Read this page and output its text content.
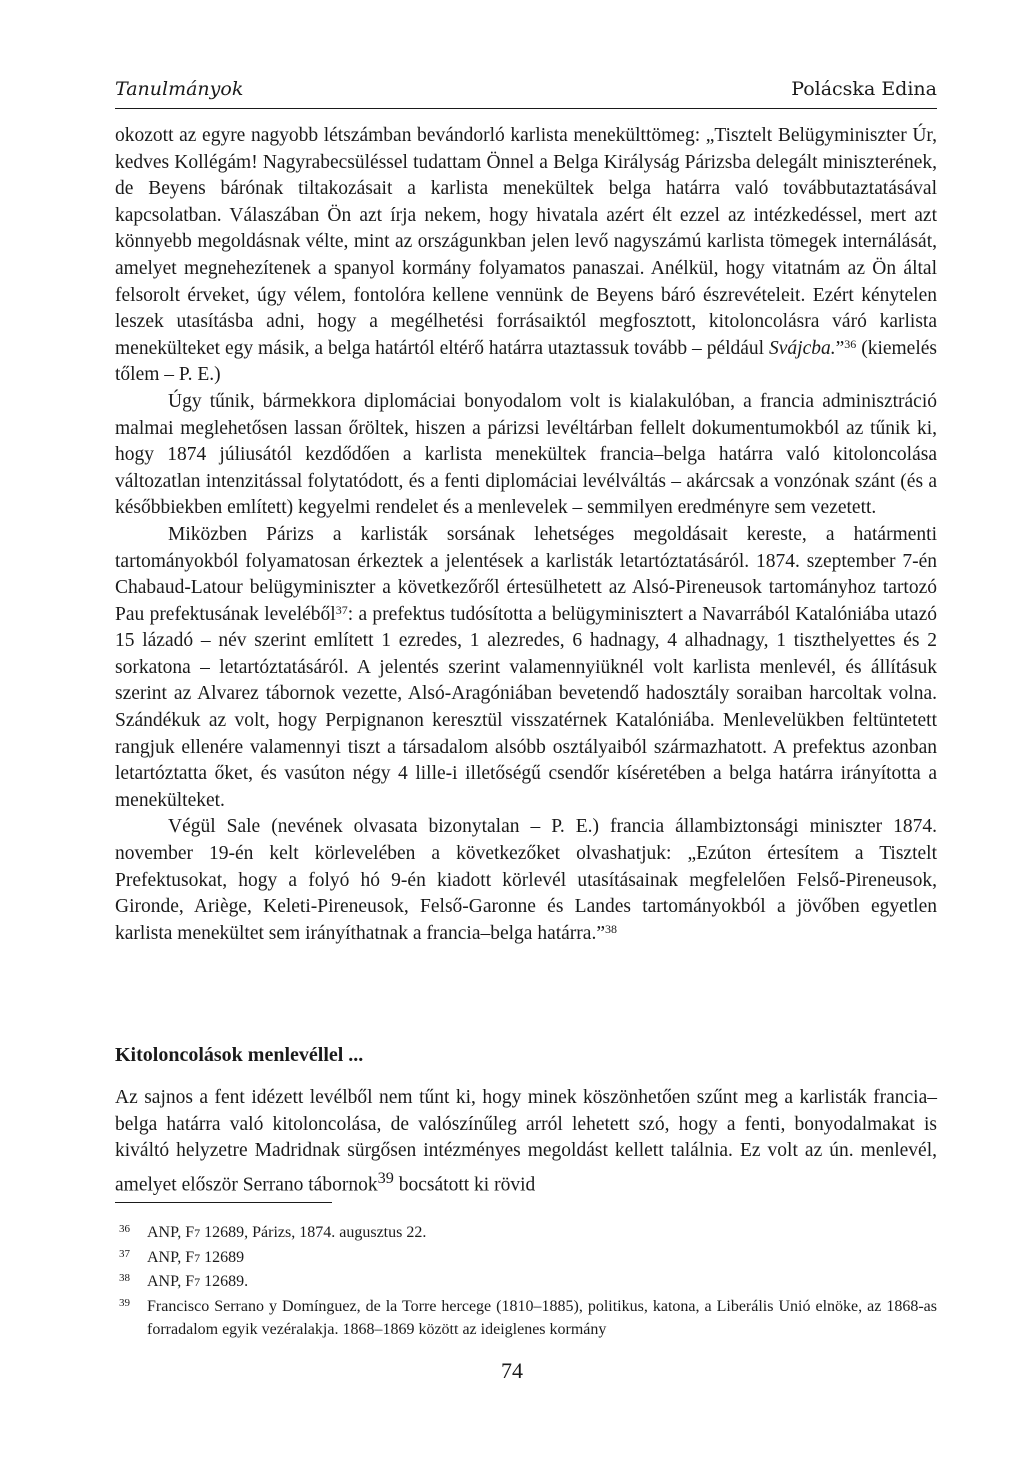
Tanulmányok	Polácska Edina

okozott az egyre nagyobb létszámban bevándorló karlista menekülttömeg: „Tisztelt Belügyminiszter Úr, kedves Kollégám! Nagyrabecsüléssel tudattam Önnel a Belga Királyság Párizsba delegált miniszterének, de Beyens bárónak tiltakozásait a karlista menekültek belga határra való továbbutaztatásával kapcsolatban. Válaszában Ön azt írja nekem, hogy hivatala azért élt ezzel az intézkedéssel, mert azt könnyebb megoldásnak vélte, mint az országunkban jelen levő nagyszámú karlista tömegek internálását, amelyet megnehezítenek a spanyol kormány folyamatos panaszai. Anélkül, hogy vitatnám az Ön által felsorolt érveket, úgy vélem, fontolóra kellene vennünk de Beyens báró észrevételeit. Ezért kénytelen leszek utasításba adni, hogy a megélhetési forrásaiktól megfosztott, kitoloncolásra váró karlista menekülteket egy másik, a belga határtól eltérő határra utaztassuk tovább – például Svájcba.”$^{36}$ (kiemelés tőlem – P. E.)

Úgy tűnik, bármekkora diplomáciai bonyodalom volt is kialakulóban, a francia adminisztráció malmai meglehetősen lassan őröltek, hiszen a párizsi levéltárban fellelt dokumentumokból az tűnik ki, hogy 1874 júliusától kezdődően a karlista menekültek francia–belga határra való kitoloncolása változatlan intenzitással folytatódott, és a fenti diplomáciai levélváltás – akárcsak a vonzónak szánt (és a későbbiekben említett) kegyelmi rendelet és a menlevelek – semmilyen eredményre sem vezetett.

Miközben Párizs a karlisták sorsának lehetséges megoldásait kereste, a határmenti tartományokból folyamatosan érkeztek a jelentések a karlisták letartóztatásáról. 1874. szeptember 7-én Chabaud-Latour belügyminiszter a következőről értesülhetett az Alsó-Pireneusok tartományhoz tartozó Pau prefektusának leveléből$^{37}$: a prefektus tudósította a belügyminisztert a Navarrából Katalóniába utazó 15 lázadó – név szerint említett 1 ezredes, 1 alezredes, 6 hadnagy, 4 alhadnagy, 1 tiszthelyettes és 2 sorkatona – letartóztatásáról. A jelentés szerint valamennyiüknél volt karlista menlevél, és állításuk szerint az Alvarez tábornok vezette, Alsó-Aragóniában bevetendő hadosztály soraiban harcoltak volna. Szándékuk az volt, hogy Perpignanon keresztül visszatérnek Katalóniába. Menlevelükben feltüntetett rangjuk ellenére valamennyi tiszt a társadalom alsóbb osztályaiból származhatott. A prefektus azonban letartóztatta őket, és vasúton négy 4 lille-i illetőségű csendőr kíséretében a belga határra irányította a menekülteket.

Végül Sale (nevének olvasata bizonytalan – P. E.) francia állambiztonsági miniszter 1874. november 19-én kelt körlevelében a következőket olvashatjuk: „Ezúton értesítem a Tisztelt Prefektusokat, hogy a folyó hó 9-én kiadott körlevél utasításainak megfelelően Felső-Pireneusok, Gironde, Ariège, Keleti-Pireneusok, Felső-Garonne és Landes tartományokból a jövőben egyetlen karlista menekültet sem irányíthatnak a francia–belga határra.”$^{38}$

Kitoloncolások menlevéllel ...

Az sajnos a fent idézett levélből nem tűnt ki, hogy minek köszönhetően szűnt meg a karlisták francia–belga határra való kitoloncolása, de valószínűleg arról lehetett szó, hogy a fenti, bonyodalmakat is kiváltó helyzetre Madridnak sürgősen intézményes megoldást kellett találnia. Ez volt az ún. menlevél, amelyet először Serrano tábornok$^{39}$ bocsátott ki rövid

36 ANP, F7 12689, Párizs, 1874. augusztus 22.
37 ANP, F7 12689
38 ANP, F7 12689.
39 Francisco Serrano y Domínguez, de la Torre hercege (1810–1885), politikus, katona, a Liberális Unió elnöke, az 1868-as forradalom egyik vezéralakja. 1868–1869 között az ideiglenes kormány
74
